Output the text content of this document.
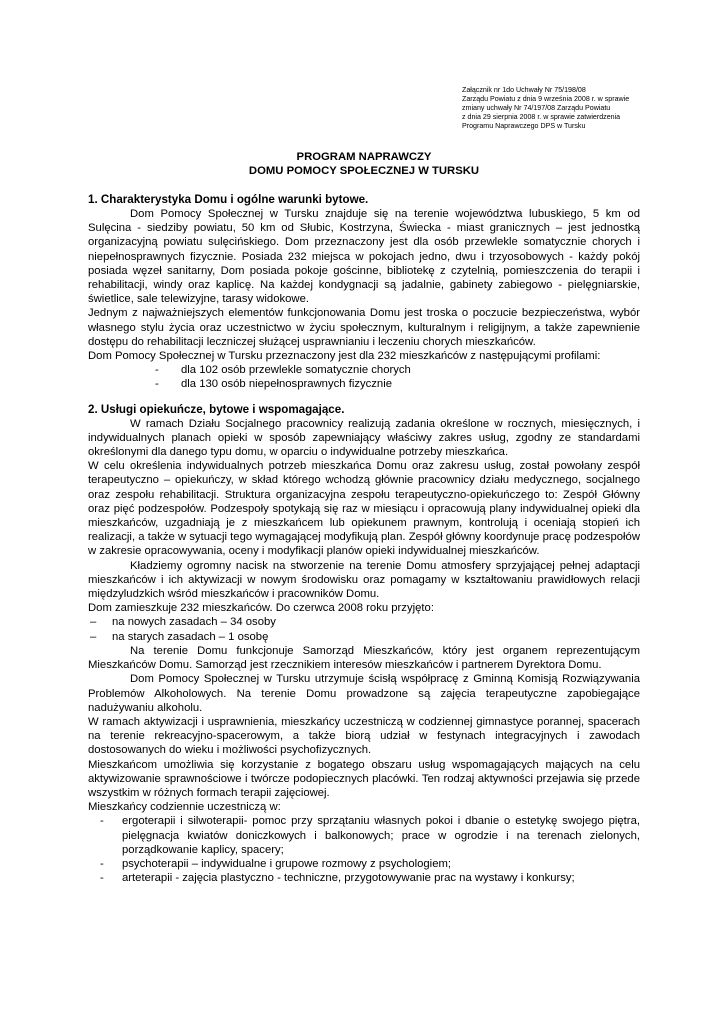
Załącznik nr 1do Uchwały Nr 75/198/08
Zarządu Powiatu z dnia 9 września 2008 r. w sprawie
zmiany uchwały Nr 74/197/08 Zarządu Powiatu
z dnia 29 sierpnia 2008 r. w sprawie zatwierdzenia
Programu Naprawczego DPS w Tursku
PROGRAM NAPRAWCZY
DOMU POMOCY SPOŁECZNEJ W TURSKU
1. Charakterystyka Domu i ogólne warunki bytowe.

Dom Pomocy Społecznej w Tursku znajduje się na terenie województwa lubuskiego, 5 km od Sulęcina - siedziby powiatu, 50 km od Słubic, Kostrzyna, Świecka - miast granicznych – jest jednostką organizacyjną powiatu sulęcińskiego. Dom przeznaczony jest dla osób przewlekle somatycznie chorych i niepełnosprawnych fizycznie. Posiada 232 miejsca w pokojach jedno, dwu i trzyosobowych - każdy pokój posiada węzeł sanitarny, Dom posiada pokoje gościnne, bibliotekę z czytelnią, pomieszczenia do terapii i rehabilitacji, windy oraz kaplicę. Na każdej kondygnacji są jadalnie, gabinety zabiegowo - pielęgniarskie, świetlice, sale telewizyjne, tarasy widokowe.

Jednym z najważniejszych elementów funkcjonowania Domu jest troska o poczucie bezpieczeństwa, wybór własnego stylu życia oraz uczestnictwo w życiu społecznym, kulturalnym i religijnym, a także zapewnienie dostępu do rehabilitacji leczniczej służącej usprawnianiu i leczeniu chorych mieszkańców.

Dom Pomocy Społecznej w Tursku przeznaczony jest dla 232 mieszkańców z następującymi profilami:

- dla 102 osób przewlekle somatycznie chorych
- dla 130 osób niepełnosprawnych fizycznie
2. Usługi opiekuńcze, bytowe i wspomagające.

W ramach Działu Socjalnego pracownicy realizują zadania określone w rocznych, miesięcznych, i indywidualnych planach opieki w sposób zapewniający właściwy zakres usług, zgodny ze standardami określonymi dla danego typu domu, w oparciu o indywidualne potrzeby mieszkańca.

W celu określenia indywidualnych potrzeb mieszkańca Domu oraz zakresu usług, został powołany zespół terapeutyczno – opiekuńczy, w skład którego wchodzą głównie pracownicy działu medycznego, socjalnego oraz zespołu rehabilitacji. Struktura organizacyjna zespołu terapeutyczno-opiekuńczego to: Zespół Główny oraz pięć podzespołów. Podzespoły spotykają się raz w miesiącu i opracowują plany indywidualnej opieki dla mieszkańców, uzgadniają je z mieszkańcem lub opiekunem prawnym, kontrolują i oceniają stopień ich realizacji, a także w sytuacji tego wymagającej modyfikują plan. Zespół główny koordynuje pracę podzespołów w zakresie opracowywania, oceny i modyfikacji planów opieki indywidualnej mieszkańców.

Kładziemy ogromny nacisk na stworzenie na terenie Domu atmosfery sprzyjającej pełnej adaptacji mieszkańców i ich aktywizacji w nowym środowisku oraz pomagamy w kształtowaniu prawidłowych relacji międzyludzkich wśród mieszkańców i pracowników Domu.

Dom zamieszkuje 232 mieszkańców. Do czerwca 2008 roku przyjęto:

– na nowych zasadach – 34 osoby
– na starych zasadach – 1 osobę

Na terenie Domu funkcjonuje Samorząd Mieszkańców, który jest organem reprezentującym Mieszkańców Domu. Samorząd jest rzecznikiem interesów mieszkańców i partnerem Dyrektora Domu.

Dom Pomocy Społecznej w Tursku utrzymuje ścisłą współpracę z Gminną Komisją Rozwiązywania Problemów Alkoholowych. Na terenie Domu prowadzone są zajęcia terapeutyczne zapobiegające nadużywaniu alkoholu.

W ramach aktywizacji i usprawnienia, mieszkańcy uczestniczą w codziennej gimnastyce porannej, spacerach na terenie rekreacyjno-spacerowym, a także biorą udział w festynach integracyjnych i zawodach dostosowanych do wieku i możliwości psychofizycznych.

Mieszkańcom umożliwia się korzystanie z bogatego obszaru usług wspomagających mających na celu aktywizowanie sprawnościowe i twórcze podopiecznych placówki. Ten rodzaj aktywności przejawia się przede wszystkim w różnych formach terapii zajęciowej.

Mieszkańcy codziennie uczestniczą w:

- ergoterapii i silwoterapii- pomoc przy sprzątaniu własnych pokoi i dbanie o estetykę swojego piętra, pielęgnacja kwiatów doniczkowych i balkonowych; prace w ogrodzie i na terenach zielonych, porządkowanie kaplicy, spacery;
- psychoterapii – indywidualne i grupowe rozmowy z psychologiem;
- arteterapii - zajęcia plastyczno - techniczne, przygotowywanie prac na wystawy i konkursy;
